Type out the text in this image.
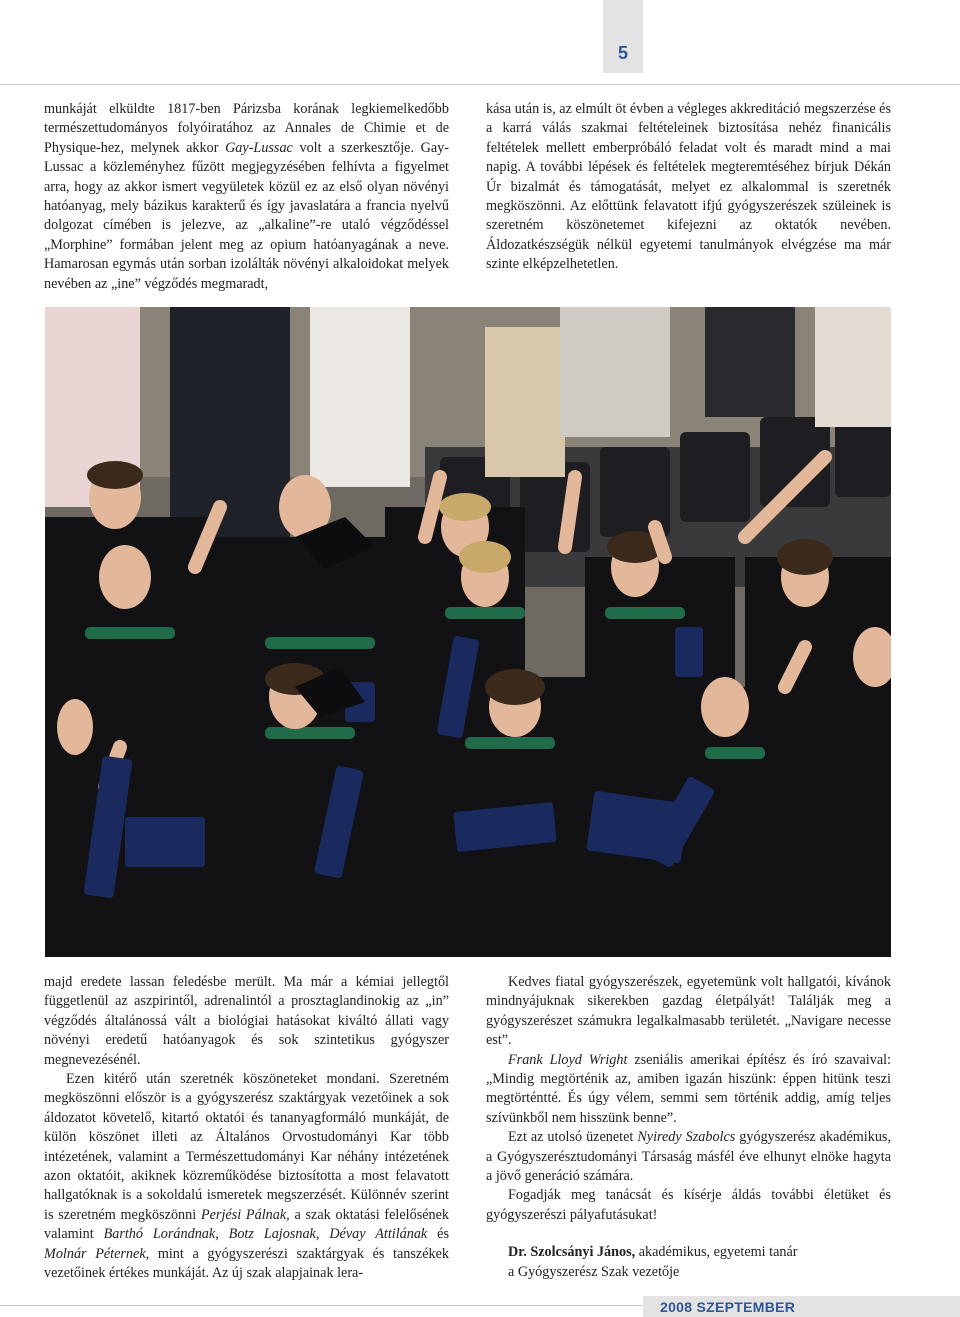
5

munkáját elküldte 1817-ben Párizsba korának legkiemelkedőbb természettudományos folyóiratához az Annales de Chimie et de Physique-hez, melynek akkor Gay-Lussac volt a szerkesztője. Gay-Lussac a közleményhez fűzött megjegyzésében felhívta a figyelmet arra, hogy az akkor ismert vegyületek közül ez az első olyan növényi hatóanyag, mely bázikus karakterű és így javaslatára a francia nyelvű dolgozat címében is jelezve, az „alkaline”-re utaló végződéssel „Morphine” formában jelent meg az opium hatóanyagának a neve. Hamarosan egymás után sorban izolálták növényi alkaloidokat melyek nevében az „ine” végződés megmaradt,

kása után is, az elmúlt öt évben a végleges akkreditáció megszerzése és a karrá válás szakmai feltételeinek biztosítása nehéz finanicális feltételek mellett emberpróbáló feladat volt és maradt mind a mai napig. A további lépések és feltételek megteremtéséhez bírjuk Dékán Úr bizalmát és támogatását, melyet ez alkalommal is szeretnék megköszönni. Az előttünk felavatott ifjú gyógyszerészek szüleinek is szeretném köszönetemet kifejezni az oktatók nevében. Áldozatkészségük nélkül egyetemi tanulmányok elvégzése ma már szinte elképzelhetetlen.

majd eredete lassan feledésbe merült. Ma már a kémiai jellegtől függetlenül az aszpirintől, adrenalintól a prosztaglandinokig az „in” végződés általánossá vált a biológiai hatásokat kiváltó állati vagy növényi eredetű hatóanyagok és sok szintetikus gyógyszer megnevezésénél.

Ezen kitérő után szeretnék köszöneteket mondani. Szeretném megköszönni először is a gyógyszerész szaktárgyak vezetőinek a sok áldozatot követelő, kitartó oktatói és tananyagformáló munkáját, de külön köszönet illeti az Általános Orvostudományi Kar több intézetének, valamint a Természettudományi Kar néhány intézetének azon oktatóit, akiknek közreműködése biztosította a most felavatott hallgatóknak is a sokoldalú ismeretek megszerzését. Különnév szerint is szeretném megköszönni Perjési Pálnak, a szak oktatási felelősének valamint Barthó Lorándnak, Botz Lajosnak, Dévay Attilának és Molnár Péternek, mint a gyógyszerészi szaktárgyak és tanszékek vezetőinek értékes munkáját. Az új szak alapjainak lera-

Kedves fiatal gyógyszerészek, egyetemünk volt hallgatói, kívánok mindnyájuknak sikerekben gazdag életpályát! Találják meg a gyógyszerészet számukra legalkalmasabb területét. „Navigare necesse est”.

Frank Lloyd Wright zseniális amerikai építész és író szavaival: „Mindig megtörténik az, amiben igazán hiszünk: éppen hitünk teszi megtörténtté. És úgy vélem, semmi sem történik addig, amíg teljes szívünkből nem hisszünk benne”.

Ezt az utolsó üzenetet Nyiredy Szabolcs gyógyszerész akadémikus, a Gyógyszerésztudományi Társaság másfél éve elhunyt elnöke hagyta a jövő generáció számára.

Fogadják meg tanácsát és kísérje áldás további életüket és gyógyszerészi pályafutásukat!

Dr. Szolcsányi János, akadémikus, egyetemi tanár

a Gyógyszerész Szak vezetője

2008 SZEPTEMBER
